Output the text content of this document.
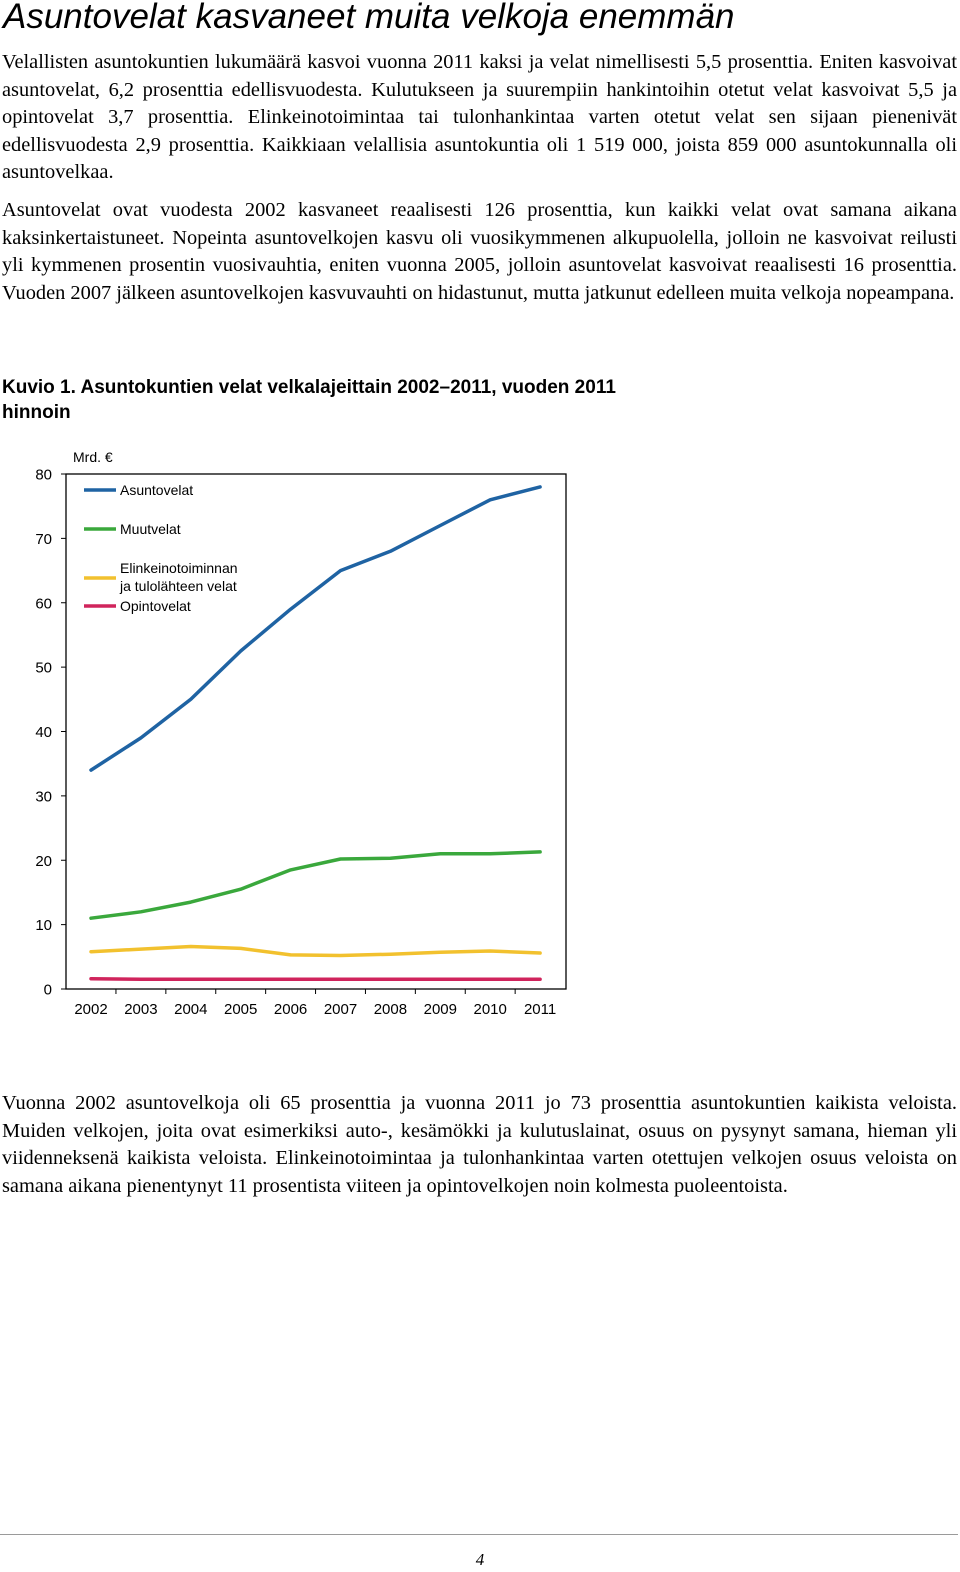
Asuntovelat kasvaneet muita velkoja enemmän

Velallisten asuntokuntien lukumäärä kasvoi vuonna 2011 kaksi ja velat nimellisesti 5,5 prosenttia. Eniten kasvoivat asuntovelat, 6,2 prosenttia edellisvuodesta. Kulutukseen ja suurempiin hankintoihin otetut velat kasvoivat 5,5 ja opintovelat 3,7 prosenttia. Elinkeinotoimintaa tai tulonhankintaa varten otetut velat sen sijaan pienenivät edellisvuodesta 2,9 prosenttia. Kaikkiaan velallisia asuntokuntia oli 1 519 000, joista 859 000 asuntokunnalla oli asuntovelkaa.

Asuntovelat ovat vuodesta 2002 kasvaneet reaalisesti 126 prosenttia, kun kaikki velat ovat samana aikana kaksinkertaistuneet. Nopeinta asuntovelkojen kasvu oli vuosikymmenen alkupuolella, jolloin ne kasvoivat reilusti yli kymmenen prosentin vuosivauhtia, eniten vuonna 2005, jolloin asuntovelat kasvoivat reaalisesti 16 prosenttia. Vuoden 2007 jälkeen asuntovelkojen kasvuvauhti on hidastunut, mutta jatkunut edelleen muita velkoja nopeampana.

Kuvio 1. Asuntokuntien velat velkalajeittain 2002–2011, vuoden 2011 hinnoin

0
10
20
30
40
50
60
70
80
2002 2003 2004 2005 2006 2007 2008 2009 2010 2011
Mrd. €
Asuntovelat
Muutvelat
Elinkeinotoiminnan
ja tulolähteen velat
Opintovelat

Vuonna 2002 asuntovelkoja oli 65 prosenttia ja vuonna 2011 jo 73 prosenttia asuntokuntien kaikista veloista. Muiden velkojen, joita ovat esimerkiksi auto-, kesämökki ja kulutuslainat, osuus on pysynyt samana, hieman yli viidenneksenä kaikista veloista. Elinkeinotoimintaa ja tulonhankintaa varten otettujen velkojen osuus veloista on samana aikana pienentynyt 11 prosentista viiteen ja opintovelkojen noin kolmesta puoleentoista.

4
